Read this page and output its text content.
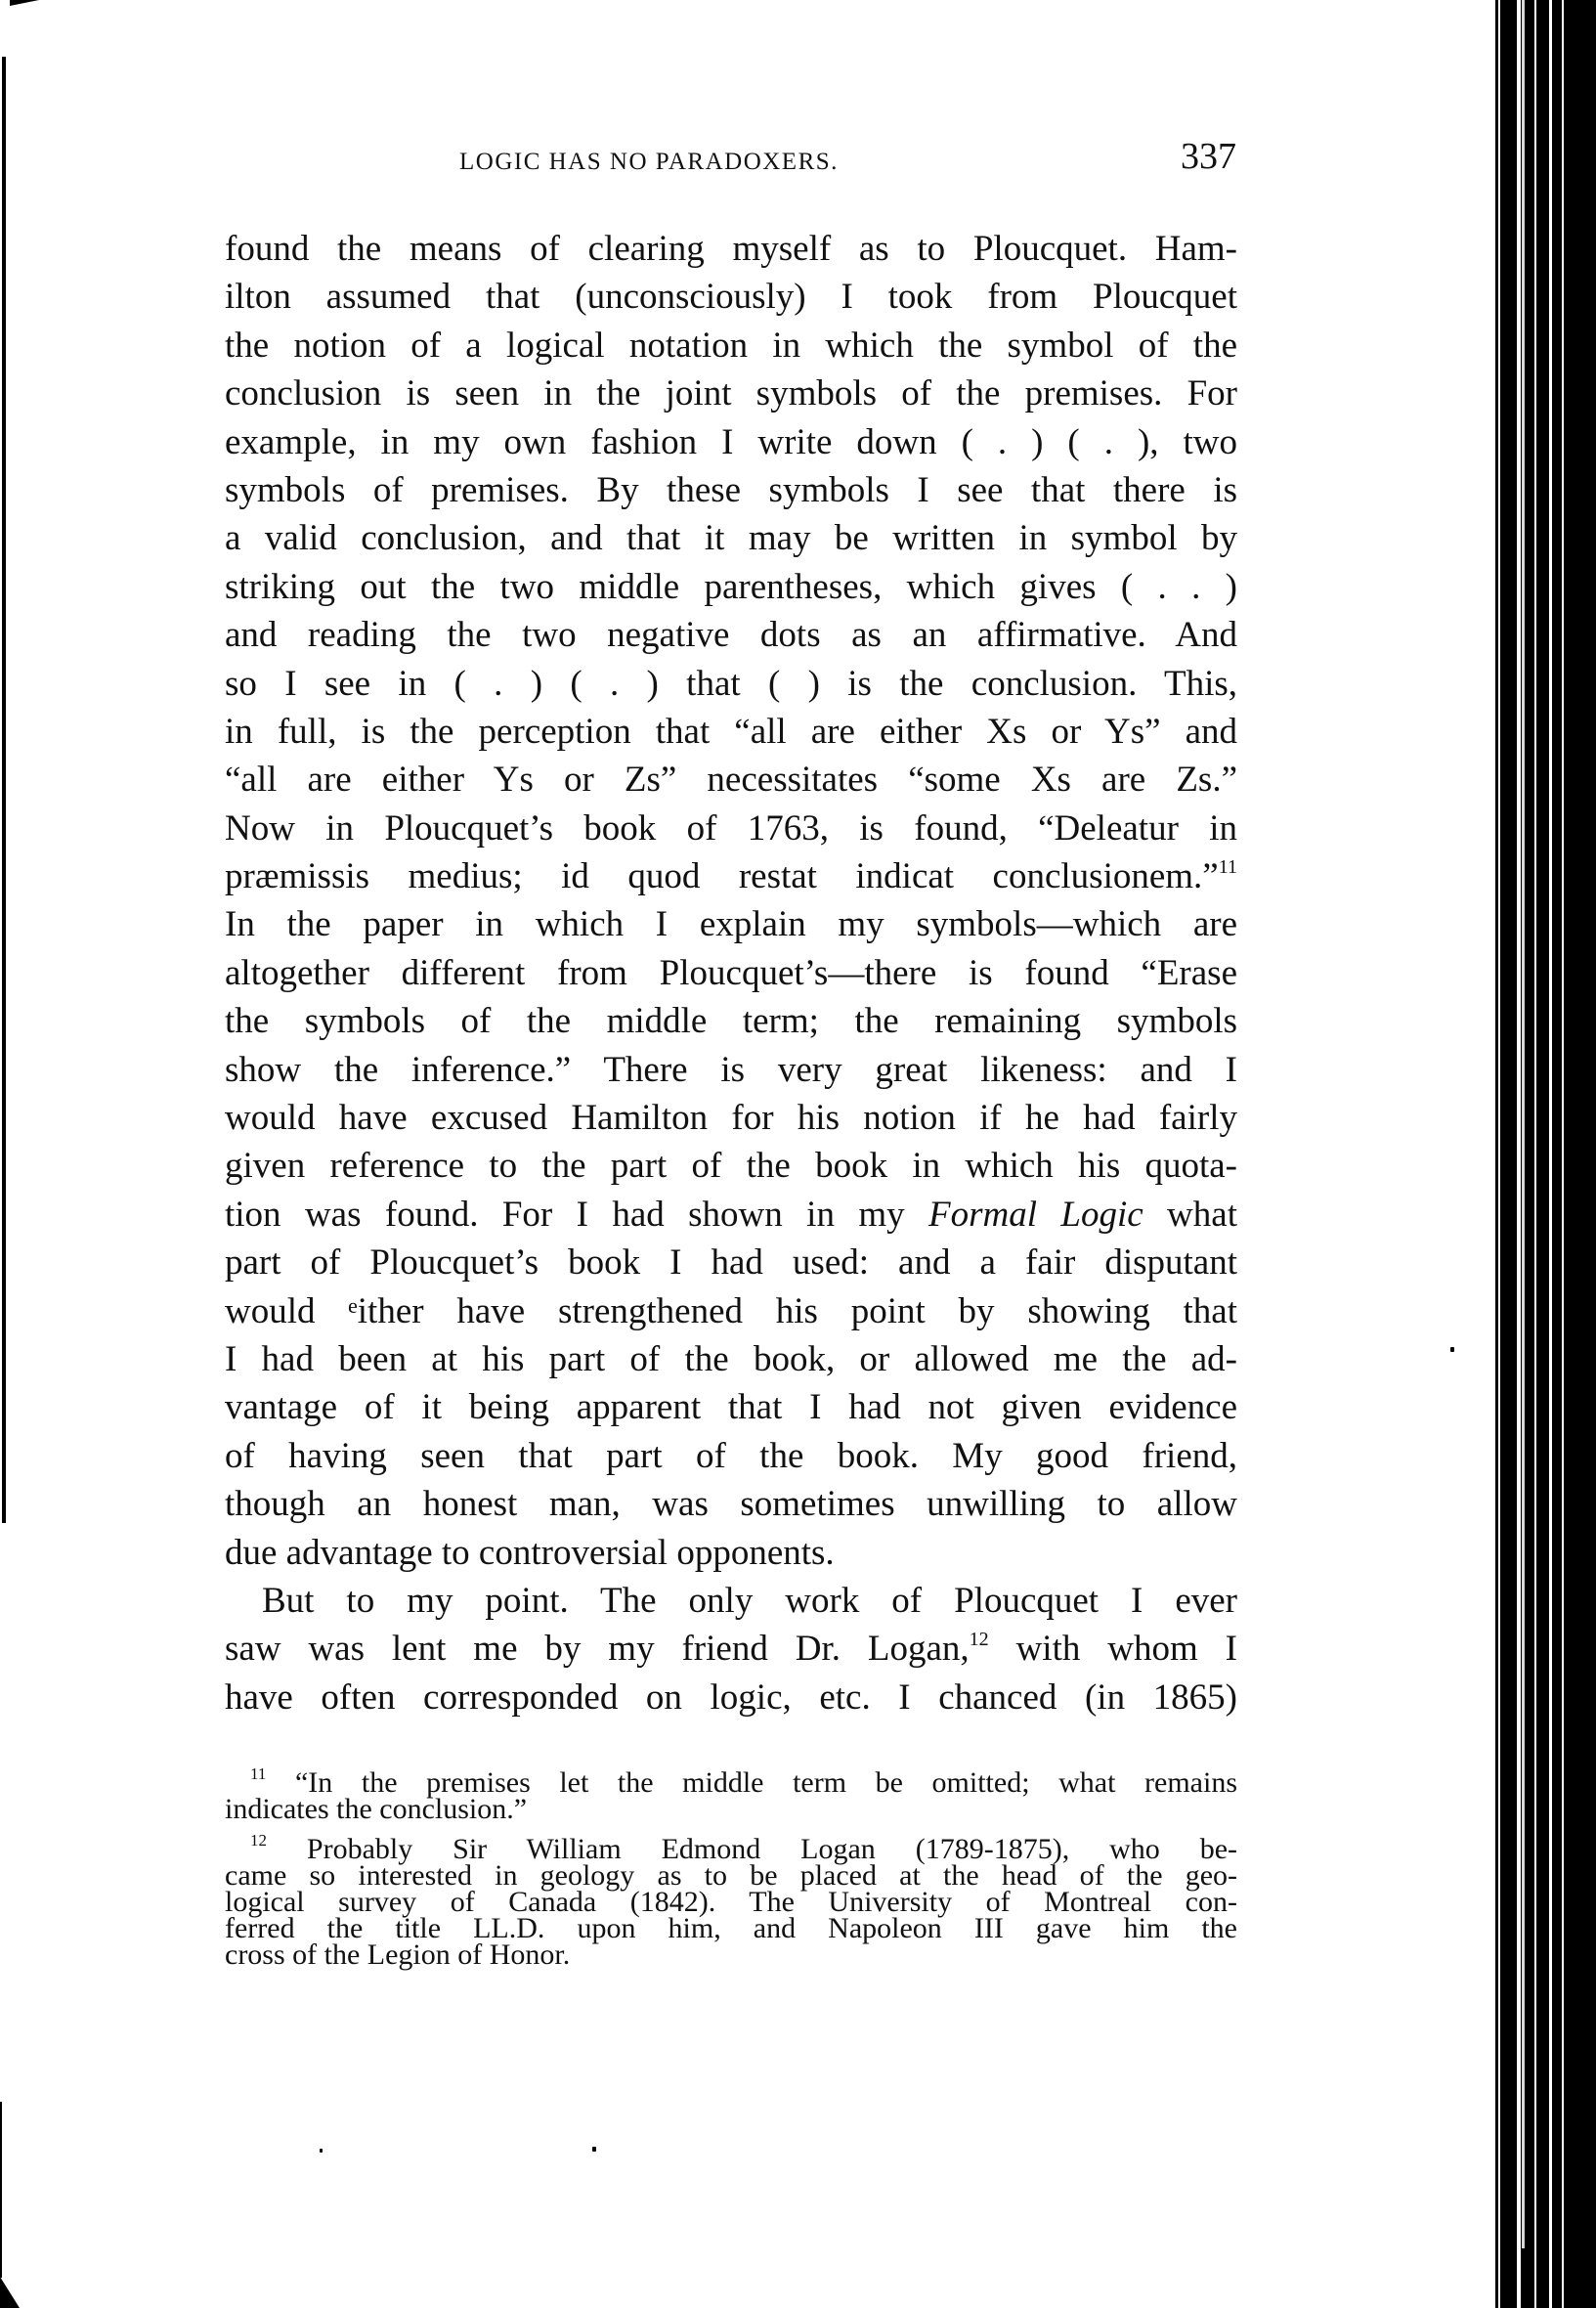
LOGIC HAS NO PARADOXERS.	337
found the means of clearing myself as to Ploucquet. Ham-
ilton assumed that (unconsciously) I took from Ploucquet
the notion of a logical notation in which the symbol of the
conclusion is seen in the joint symbols of the premises. For
example, in my own fashion I write down ( . ) ( . ), two
symbols of premises. By these symbols I see that there is
a valid conclusion, and that it may be written in symbol by
striking out the two middle parentheses, which gives ( . . )
and reading the two negative dots as an affirmative. And
so I see in ( . ) ( . ) that ( ) is the conclusion. This,
in full, is the perception that “all are either Xs or Ys” and
“all are either Ys or Zs” necessitates “some Xs are Zs.”
Now in Ploucquet’s book of 1763, is found, “Deleatur in
præmissis medius; id quod restat indicat conclusionem.”$^{11}$
In the paper in which I explain my symbols—which are
altogether different from Ploucquet’s—there is found “Erase
the symbols of the middle term; the remaining symbols
show the inference.” There is very great likeness: and I
would have excused Hamilton for his notion if he had fairly
given reference to the part of the book in which his quota-
tion was found. For I had shown in my Formal Logic what
part of Ploucquet’s book I had used: and a fair disputant
would ᵉither have strengthened his point by showing that
I had been at his part of the book, or allowed me the ad-
vantage of it being apparent that I had not given evidence
of having seen that part of the book. My good friend,
though an honest man, was sometimes unwilling to allow
due advantage to controversial opponents.
But to my point. The only work of Ploucquet I ever
saw was lent me by my friend Dr. Logan,$^{12}$ with whom I
have often corresponded on logic, etc. I chanced (in 1865)
$^{11}$ “In the premises let the middle term be omitted; what remains
indicates the conclusion.”
$^{12}$ Probably Sir William Edmond Logan (1789-1875), who be-
came so interested in geology as to be placed at the head of the geo-
logical survey of Canada (1842). The University of Montreal con-
ferred the title LL.D. upon him, and Napoleon III gave him the
cross of the Legion of Honor.
